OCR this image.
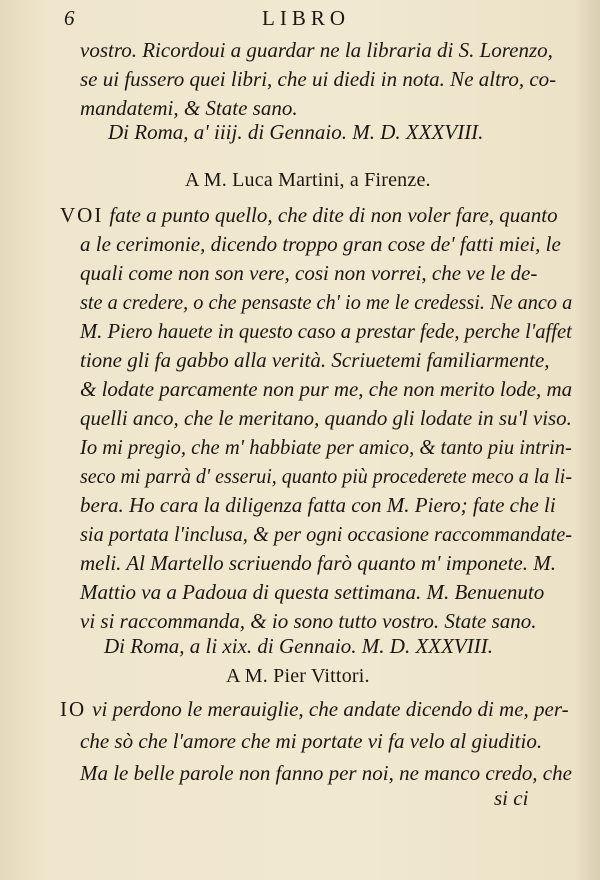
6	LIBRO
vostro. Ricordoui a guardar ne la libraria di S. Lorenzo,
se ui fussero quei libri, che ui diedi in nota. Ne altro, co-
mandatemi, & State sano.
Di Roma, a' iiij. di Gennaio. M. D. XXXVIII.
A M. Luca Martini, a Firenze.
VOI fate a punto quello, che dite di non voler fare, quanto
a le cerimonie, dicendo troppo gran cose de' fatti miei, le
quali come non son vere, cosi non vorrei, che ve le de-
ste a credere, o che pensaste ch' io me le credessi. Ne anco a
M. Piero hauete in questo caso a prestar fede, perche l'affet
tione gli fa gabbo alla verità. Scriuetemi familiarmente,
& lodate parcamente non pur me, che non merito lode, ma
quelli anco, che le meritano, quando gli lodate in su'l viso.
Io mi pregio, che m' habbiate per amico, & tanto piu intrin-
seco mi parrà d' esserui, quanto più procederete meco a la li-
bera. Ho cara la diligenza fatta con M. Piero; fate che li
sia portata l'inclusa, & per ogni occasione raccommandate-
meli. Al Martello scriuendo farò quanto m' imponete. M.
Mattio va a Padoua di questa settimana. M. Benuenuto
vi si raccommanda, & io sono tutto vostro. State sano.
Di Roma, a li xix. di Gennaio. M. D. XXXVIII.
A M. Pier Vittori.
IO vi perdono le merauiglie, che andate dicendo di me, per-
che sò che l'amore che mi portate vi fa velo al giuditio.
Ma le belle parole non fanno per noi, ne manco credo, che
si ci
